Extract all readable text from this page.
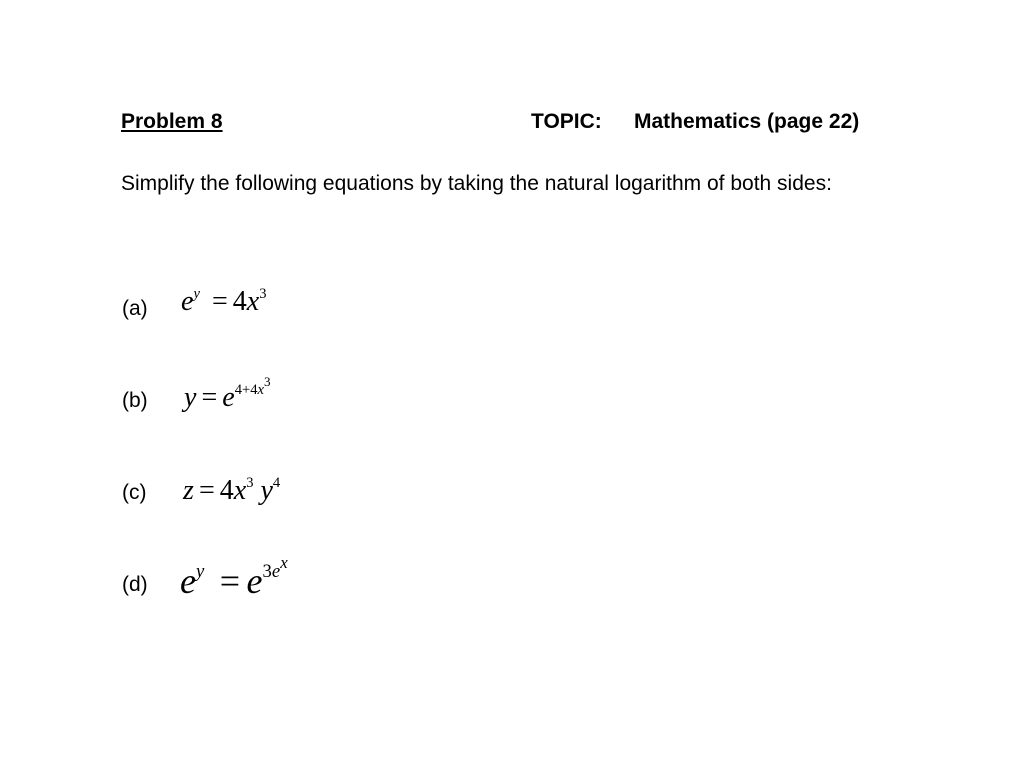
Problem 8	TOPIC: Mathematics (page 22)
Simplify the following equations by taking the natural logarithm of both sides:
(a) $e^y = 4x^3$
(b) $y = e^{4+4x^3}$
(c) $z = 4x^3$ $y^4$
(d) $e^y = e^{3e^x}$
